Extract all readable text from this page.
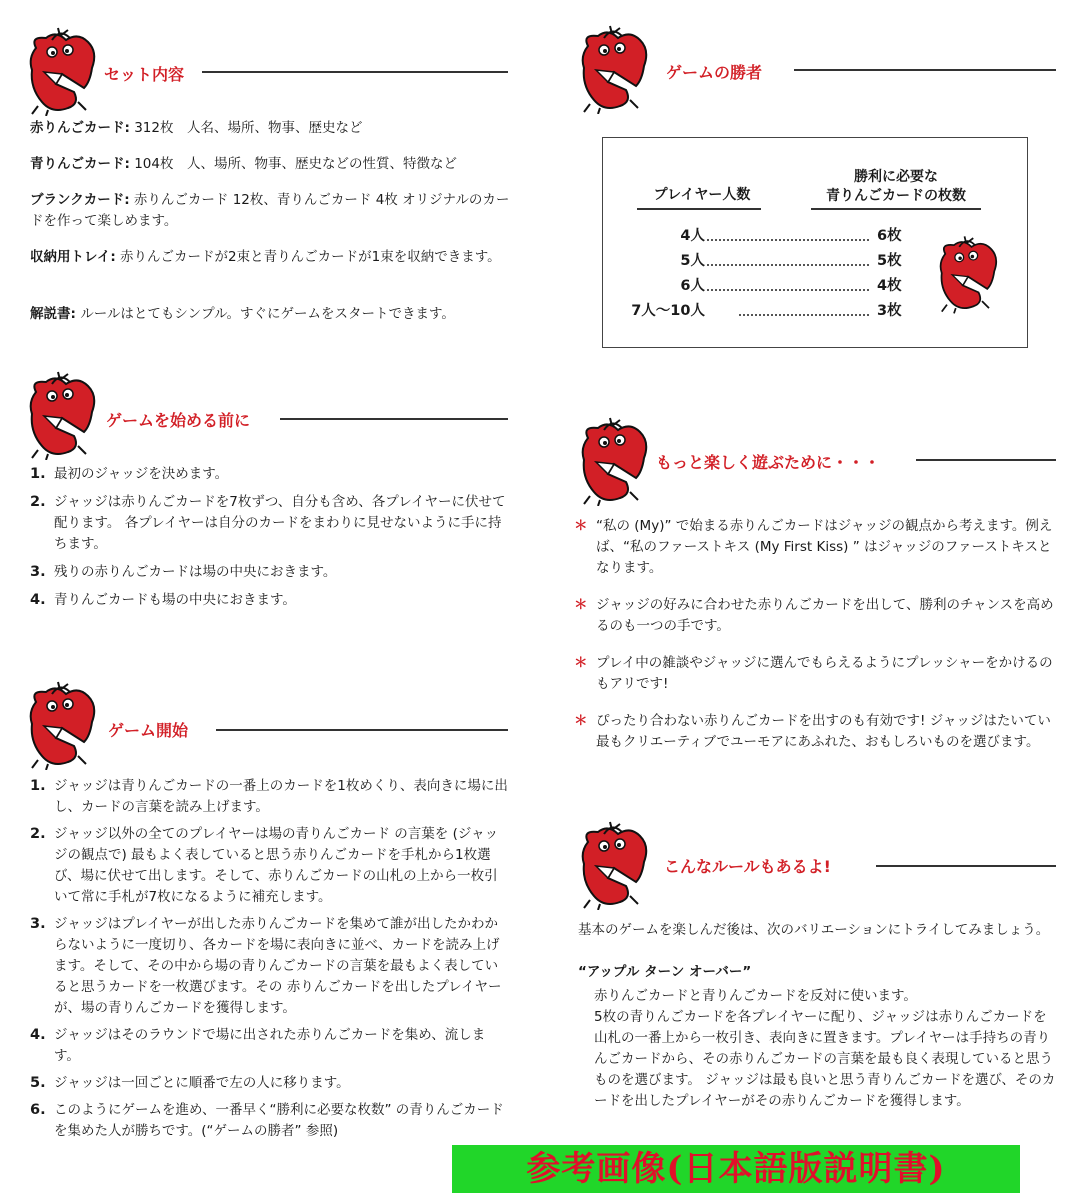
セット内容
赤りんごカード: 312枚　人名、場所、物事、歴史など
青りんごカード: 104枚　人、場所、物事、歴史などの性質、特徴など
ブランクカード: 赤りんごカード 12枚、青りんごカード 4枚 オリジナルのカードを作って楽しめます。
収納用トレイ: 赤りんごカードが2束と青りんごカードが1束を収納できます。
解説書: ルールはとてもシンプル。すぐにゲームをスタートできます。
ゲームを始める前に
1. 最初のジャッジを決めます。
2. ジャッジは赤りんごカードを7枚ずつ、自分も含め、各プレイヤーに伏せて配ります。 各プレイヤーは自分のカードをまわりに見せないように手に持ちます。
3. 残りの赤りんごカードは場の中央におきます。
4. 青りんごカードも場の中央におきます。
ゲーム開始
1. ジャッジは青りんごカードの一番上のカードを1枚めくり、表向きに場に出し、カードの言葉を読み上げます。
2. ジャッジ以外の全てのプレイヤーは場の青りんごカード の言葉を (ジャッジの観点で) 最もよく表していると思う赤りんごカードを手札から1枚選び、場に伏せて出します。そして、赤りんごカードの山札の上から一枚引いて常に手札が7枚になるように補充します。
3. ジャッジはプレイヤーが出した赤りんごカードを集めて誰が出したかわからないように一度切り、各カードを場に表向きに並べ、カードを読み上げます。そして、その中から場の青りんごカードの言葉を最もよく表していると思うカードを一枚選びます。その 赤りんごカードを出したプレイヤーが、場の青りんごカードを獲得します。
4. ジャッジはそのラウンドで場に出された赤りんごカードを集め、流します。
5. ジャッジは一回ごとに順番で左の人に移ります。
6. このようにゲームを進め、一番早く“勝利に必要な枚数” の青りんごカードを集めた人が勝ちです。(“ゲームの勝者” 参照)
ゲームの勝者
プレイヤー人数
勝利に必要な
青りんごカードの枚数
4人	6枚
5人	5枚
6人	4枚
7人～10人	3枚
もっと楽しく遊ぶために・・・
＊ “私の (My)” で始まる赤りんごカードはジャッジの観点から考えます。例えば、“私のファーストキス (My First Kiss) ” はジャッジのファーストキスとなります。
＊ ジャッジの好みに合わせた赤りんごカードを出して、勝利のチャンスを高めるのも一つの手です。
＊ プレイ中の雑談やジャッジに選んでもらえるようにプレッシャーをかけるのもアリです!
＊ ぴったり合わない赤りんごカードを出すのも有効です! ジャッジはたいてい最もクリエーティブでユーモアにあふれた、おもしろいものを選びます。
こんなルールもあるよ!
基本のゲームを楽しんだ後は、次のバリエーションにトライしてみましょう。
“アップル ターン オーバー”
赤りんごカードと青りんごカードを反対に使います。
5枚の青りんごカードを各プレイヤーに配り、ジャッジは赤りんごカードを山札の一番上から一枚引き、表向きに置きます。プレイヤーは手持ちの青りんごカードから、その赤りんごカードの言葉を最も良く表現していると思うものを選びます。 ジャッジは最も良いと思う青りんごカードを選び、そのカードを出したプレイヤーがその赤りんごカードを獲得します。
参考画像(日本語版説明書)
